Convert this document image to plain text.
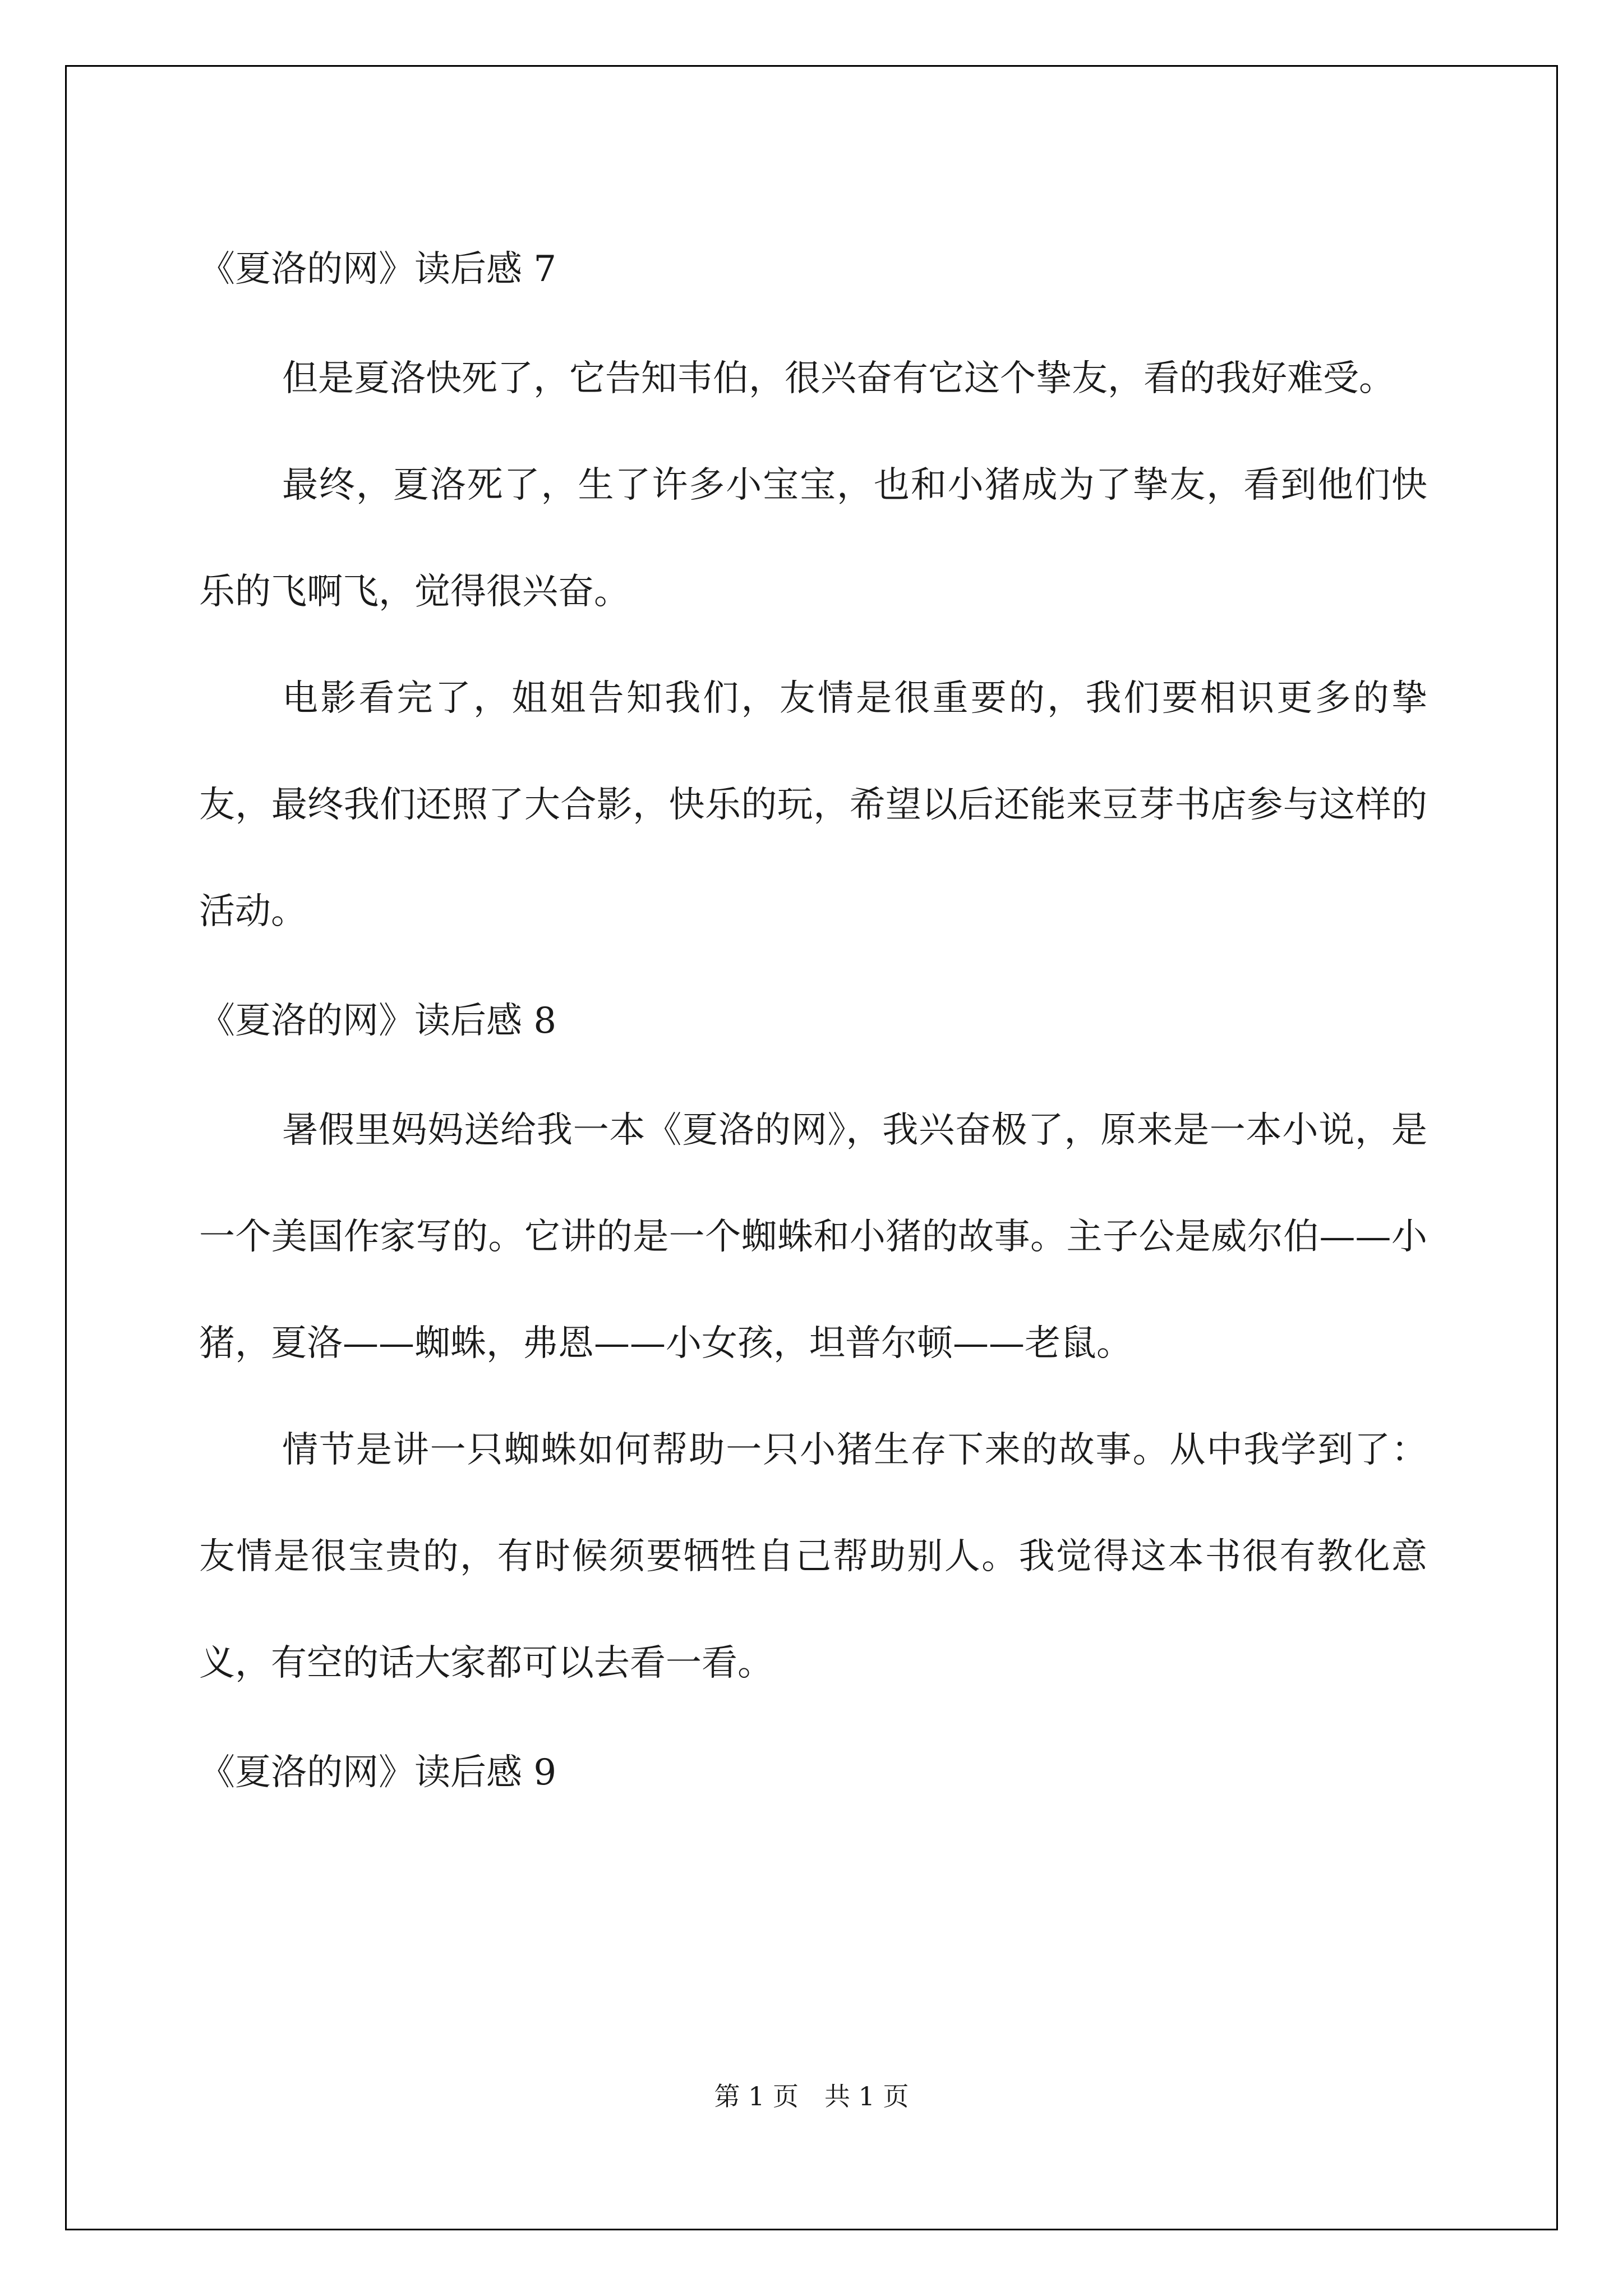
《夏洛的网》读后感 7

但是夏洛快死了，它告知韦伯，很兴奋有它这个挚友，看的我好难受。

最终，夏洛死了，生了许多小宝宝，也和小猪成为了挚友，看到他们快乐的飞啊飞，觉得很兴奋。

电影看完了，姐姐告知我们，友情是很重要的，我们要相识更多的挚友，最终我们还照了大合影，快乐的玩，希望以后还能来豆芽书店参与这样的活动。

《夏洛的网》读后感 8

暑假里妈妈送给我一本《夏洛的网》，我兴奋极了，原来是一本小说，是一个美国作家写的。它讲的是一个蜘蛛和小猪的故事。主子公是威尔伯——小猪，夏洛——蜘蛛，弗恩——小女孩，坦普尔顿——老鼠。

情节是讲一只蜘蛛如何帮助一只小猪生存下来的故事。从中我学到了：友情是很宝贵的，有时候须要牺牲自己帮助别人。我觉得这本书很有教化意义，有空的话大家都可以去看一看。

《夏洛的网》读后感 9

第 1 页　共 1 页
